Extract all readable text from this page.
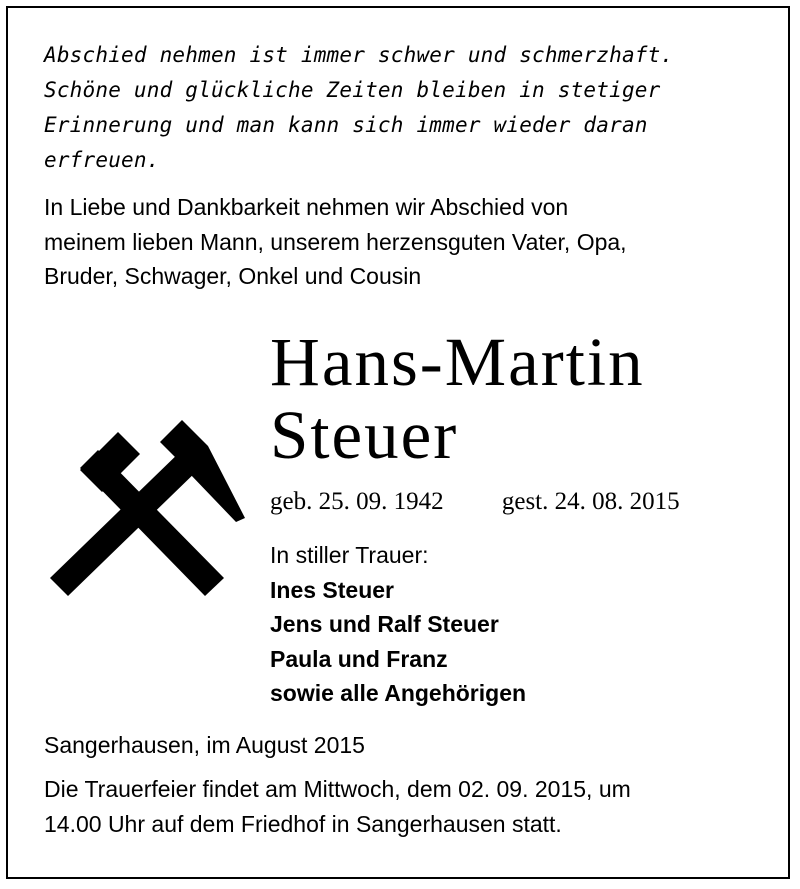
Abschied nehmen ist immer schwer und schmerzhaft.
Schöne und glückliche Zeiten bleiben in stetiger
Erinnerung und man kann sich immer wieder daran
erfreuen.
In Liebe und Dankbarkeit nehmen wir Abschied von
meinem lieben Mann, unserem herzensguten Vater, Opa,
Bruder, Schwager, Onkel und Cousin
Hans-Martin
Steuer
geb. 25. 09. 1942 gest. 24. 08. 2015
In stiller Trauer:
Ines Steuer
Jens und Ralf Steuer
Paula und Franz
sowie alle Angehörigen
Sangerhausen, im August 2015
Die Trauerfeier findet am Mittwoch, dem 02. 09. 2015, um
14.00 Uhr auf dem Friedhof in Sangerhausen statt.
